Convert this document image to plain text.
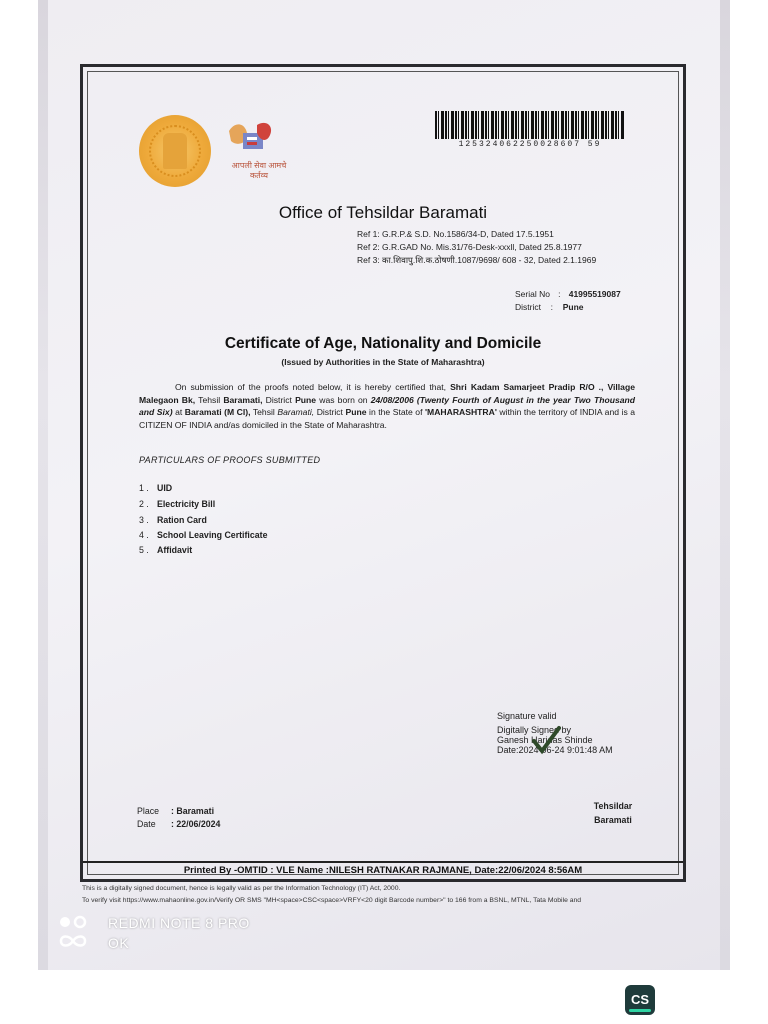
आपली सेवा आमचे कर्तव्य
125324062250028607 59
Office of Tehsildar Baramati
Ref 1: G.R.P.& S.D. No.1586/34-D, Dated 17.5.1951
Ref 2: G.R.GAD No. Mis.31/76-Desk-xxxll, Dated 25.8.1977
Ref 3: का.शिवापु.शि.क.ठोषणी.1087/9698/ 608 - 32, Dated 2.1.1969
Serial No : 41995519087
District : Pune
Certificate of Age, Nationality and Domicile
(Issued by Authorities in the State of Maharashtra)
On submission of the proofs noted below, it is hereby certified that, Shri Kadam Samarjeet Pradip R/O ., Village Malegaon Bk, Tehsil Baramati, District Pune was born on 24/08/2006 (Twenty Fourth of August in the year Two Thousand and Six) at Baramati (M Cl), Tehsil Baramati, District Pune in the State of 'MAHARASHTRA' within the territory of INDIA and is a CITIZEN OF INDIA and/as domiciled in the State of Maharashtra.
PARTICULARS OF PROOFS SUBMITTED
1 . UID
2 . Electricity Bill
3 . Ration Card
4 . School Leaving Certificate
5 . Affidavit
Signature valid
Digitally Signed by
Ganesh Haridas Shinde
Date:2024-06-24 9:01:48 AM
Place : Baramati
Date : 22/06/2024
Tehsildar
Baramati
Printed By -OMTID : VLE Name :NILESH RATNAKAR RAJMANE, Date:22/06/2024 8:56AM
This is a digitally signed document, hence is legally valid as per the Information Technology (IT) Act, 2000.
To verify visit https://www.mahaonline.gov.in/Verify OR SMS "MH<space>CSC<space>VRFY<20 digit Barcode number>" to 166 from a BSNL, MTNL, Tata Mobile and
REDMI NOTE 8 PRO
OK
CS
